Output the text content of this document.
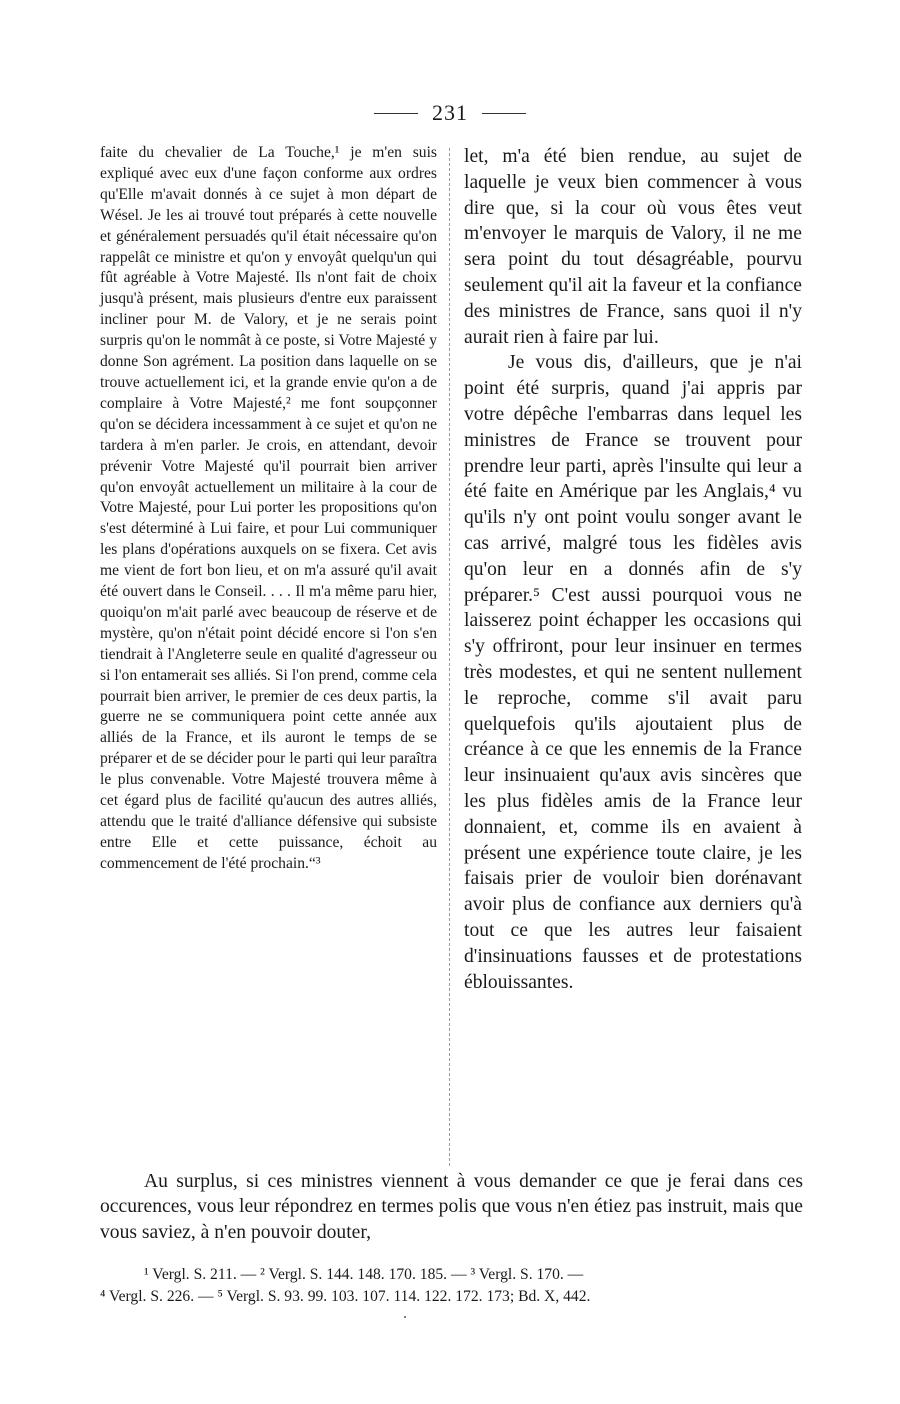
231

faite du chevalier de La Touche,¹ je m'en suis expliqué avec eux d'une façon conforme aux ordres qu'Elle m'avait donnés à ce sujet à mon départ de Wésel. Je les ai trouvé tout préparés à cette nouvelle et généralement persuadés qu'il était nécessaire qu'on rappelât ce ministre et qu'on y envoyât quelqu'un qui fût agréable à Votre Majesté. Ils n'ont fait de choix jusqu'à présent, mais plusieurs d'entre eux paraissent incliner pour M. de Valory, et je ne serais point surpris qu'on le nommât à ce poste, si Votre Majesté y donne Son agrément. La position dans laquelle on se trouve actuellement ici, et la grande envie qu'on a de complaire à Votre Majesté,² me font soupçonner qu'on se décidera incessamment à ce sujet et qu'on ne tardera à m'en parler. Je crois, en attendant, devoir prévenir Votre Majesté qu'il pourrait bien arriver qu'on envoyât actuellement un militaire à la cour de Votre Majesté, pour Lui porter les propositions qu'on s'est déterminé à Lui faire, et pour Lui communiquer les plans d'opérations auxquels on se fixera. Cet avis me vient de fort bon lieu, et on m'a assuré qu'il avait été ouvert dans le Conseil. . . . Il m'a même paru hier, quoiqu'on m'ait parlé avec beaucoup de réserve et de mystère, qu'on n'était point décidé encore si l'on s'en tiendrait à l'Angleterre seule en qualité d'agresseur ou si l'on entamerait ses alliés. Si l'on prend, comme cela pourrait bien arriver, le premier de ces deux partis, la guerre ne se communiquera point cette année aux alliés de la France, et ils auront le temps de se préparer et de se décider pour le parti qui leur paraîtra le plus convenable. Votre Majesté trouvera même à cet égard plus de facilité qu'aucun des autres alliés, attendu que le traité d'alliance défensive qui subsiste entre Elle et cette puissance, échoit au commencement de l'été prochain.“³

let, m'a été bien rendue, au sujet de laquelle je veux bien commencer à vous dire que, si la cour où vous êtes veut m'envoyer le marquis de Valory, il ne me sera point du tout désagréable, pourvu seulement qu'il ait la faveur et la confiance des ministres de France, sans quoi il n'y aurait rien à faire par lui.

Je vous dis, d'ailleurs, que je n'ai point été surpris, quand j'ai appris par votre dépêche l'embarras dans lequel les ministres de France se trouvent pour prendre leur parti, après l'insulte qui leur a été faite en Amérique par les Anglais,⁴ vu qu'ils n'y ont point voulu songer avant le cas arrivé, malgré tous les fidèles avis qu'on leur en a donnés afin de s'y préparer.⁵ C'est aussi pourquoi vous ne laisserez point échapper les occasions qui s'y offriront, pour leur insinuer en termes très modestes, et qui ne sentent nullement le reproche, comme s'il avait paru quelquefois qu'ils ajoutaient plus de créance à ce que les ennemis de la France leur insinuaient qu'aux avis sincères que les plus fidèles amis de la France leur donnaient, et, comme ils en avaient à présent une expérience toute claire, je les faisais prier de vouloir bien dorénavant avoir plus de confiance aux derniers qu'à tout ce que les autres leur faisaient d'insinuations fausses et de protestations éblouissantes.

Au surplus, si ces ministres viennent à vous demander ce que je ferai dans ces occurences, vous leur répondrez en termes polis que vous n'en étiez pas instruit, mais que vous saviez, à n'en pouvoir douter,

¹ Vergl. S. 211. — ² Vergl. S. 144. 148. 170. 185. — ³ Vergl. S. 170. —
⁴ Vergl. S. 226. — ⁵ Vergl. S. 93. 99. 103. 107. 114. 122. 172. 173; Bd. X, 442.
